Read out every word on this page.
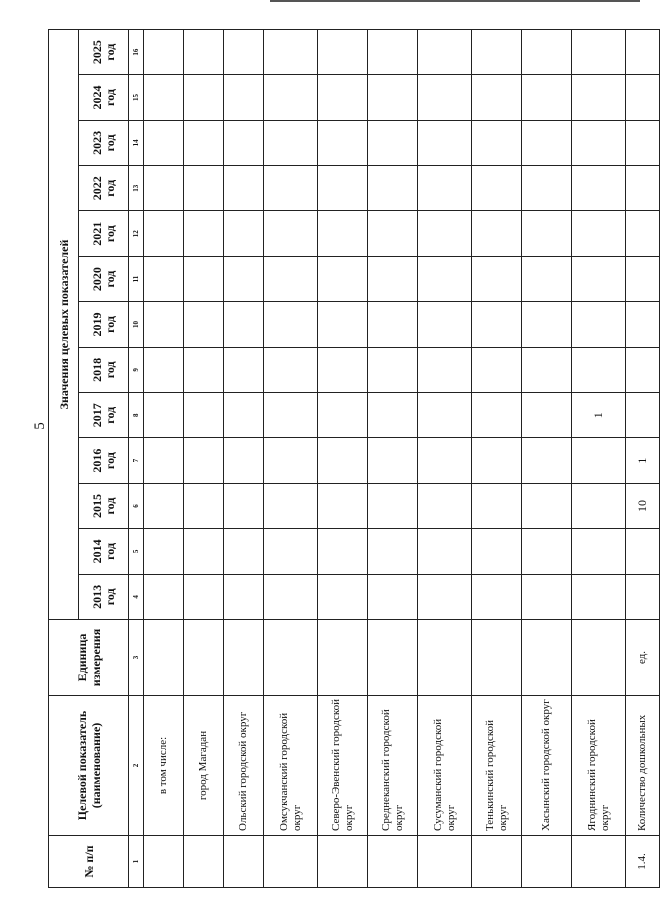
5
№ п/п	Целевой показатель (наименование)	Единица измерения	Значения целевых показателей												
			2013 год	2014 год	2015 год	2016 год	2017 год	2018 год	2019 год	2020 год	2021 год	2022 год	2023 год	2024 год	2025 год
1	2	3	4	5	6	7	8	9	10	11	12	13	14	15	16
	в том числе:														
	город Магадан														
	Ольский городской округ														
	Омсукчанский городской округ														
	Северо-Эвенский городской округ														
	Среднеканский городской округ														
	Сусуманский городской округ														
	Тенькинский городской округ														
	Хасынский городской округ														
	Ягоднинский городской округ						1								
1.4.	Количество дошкольных	ед.			10	1									
